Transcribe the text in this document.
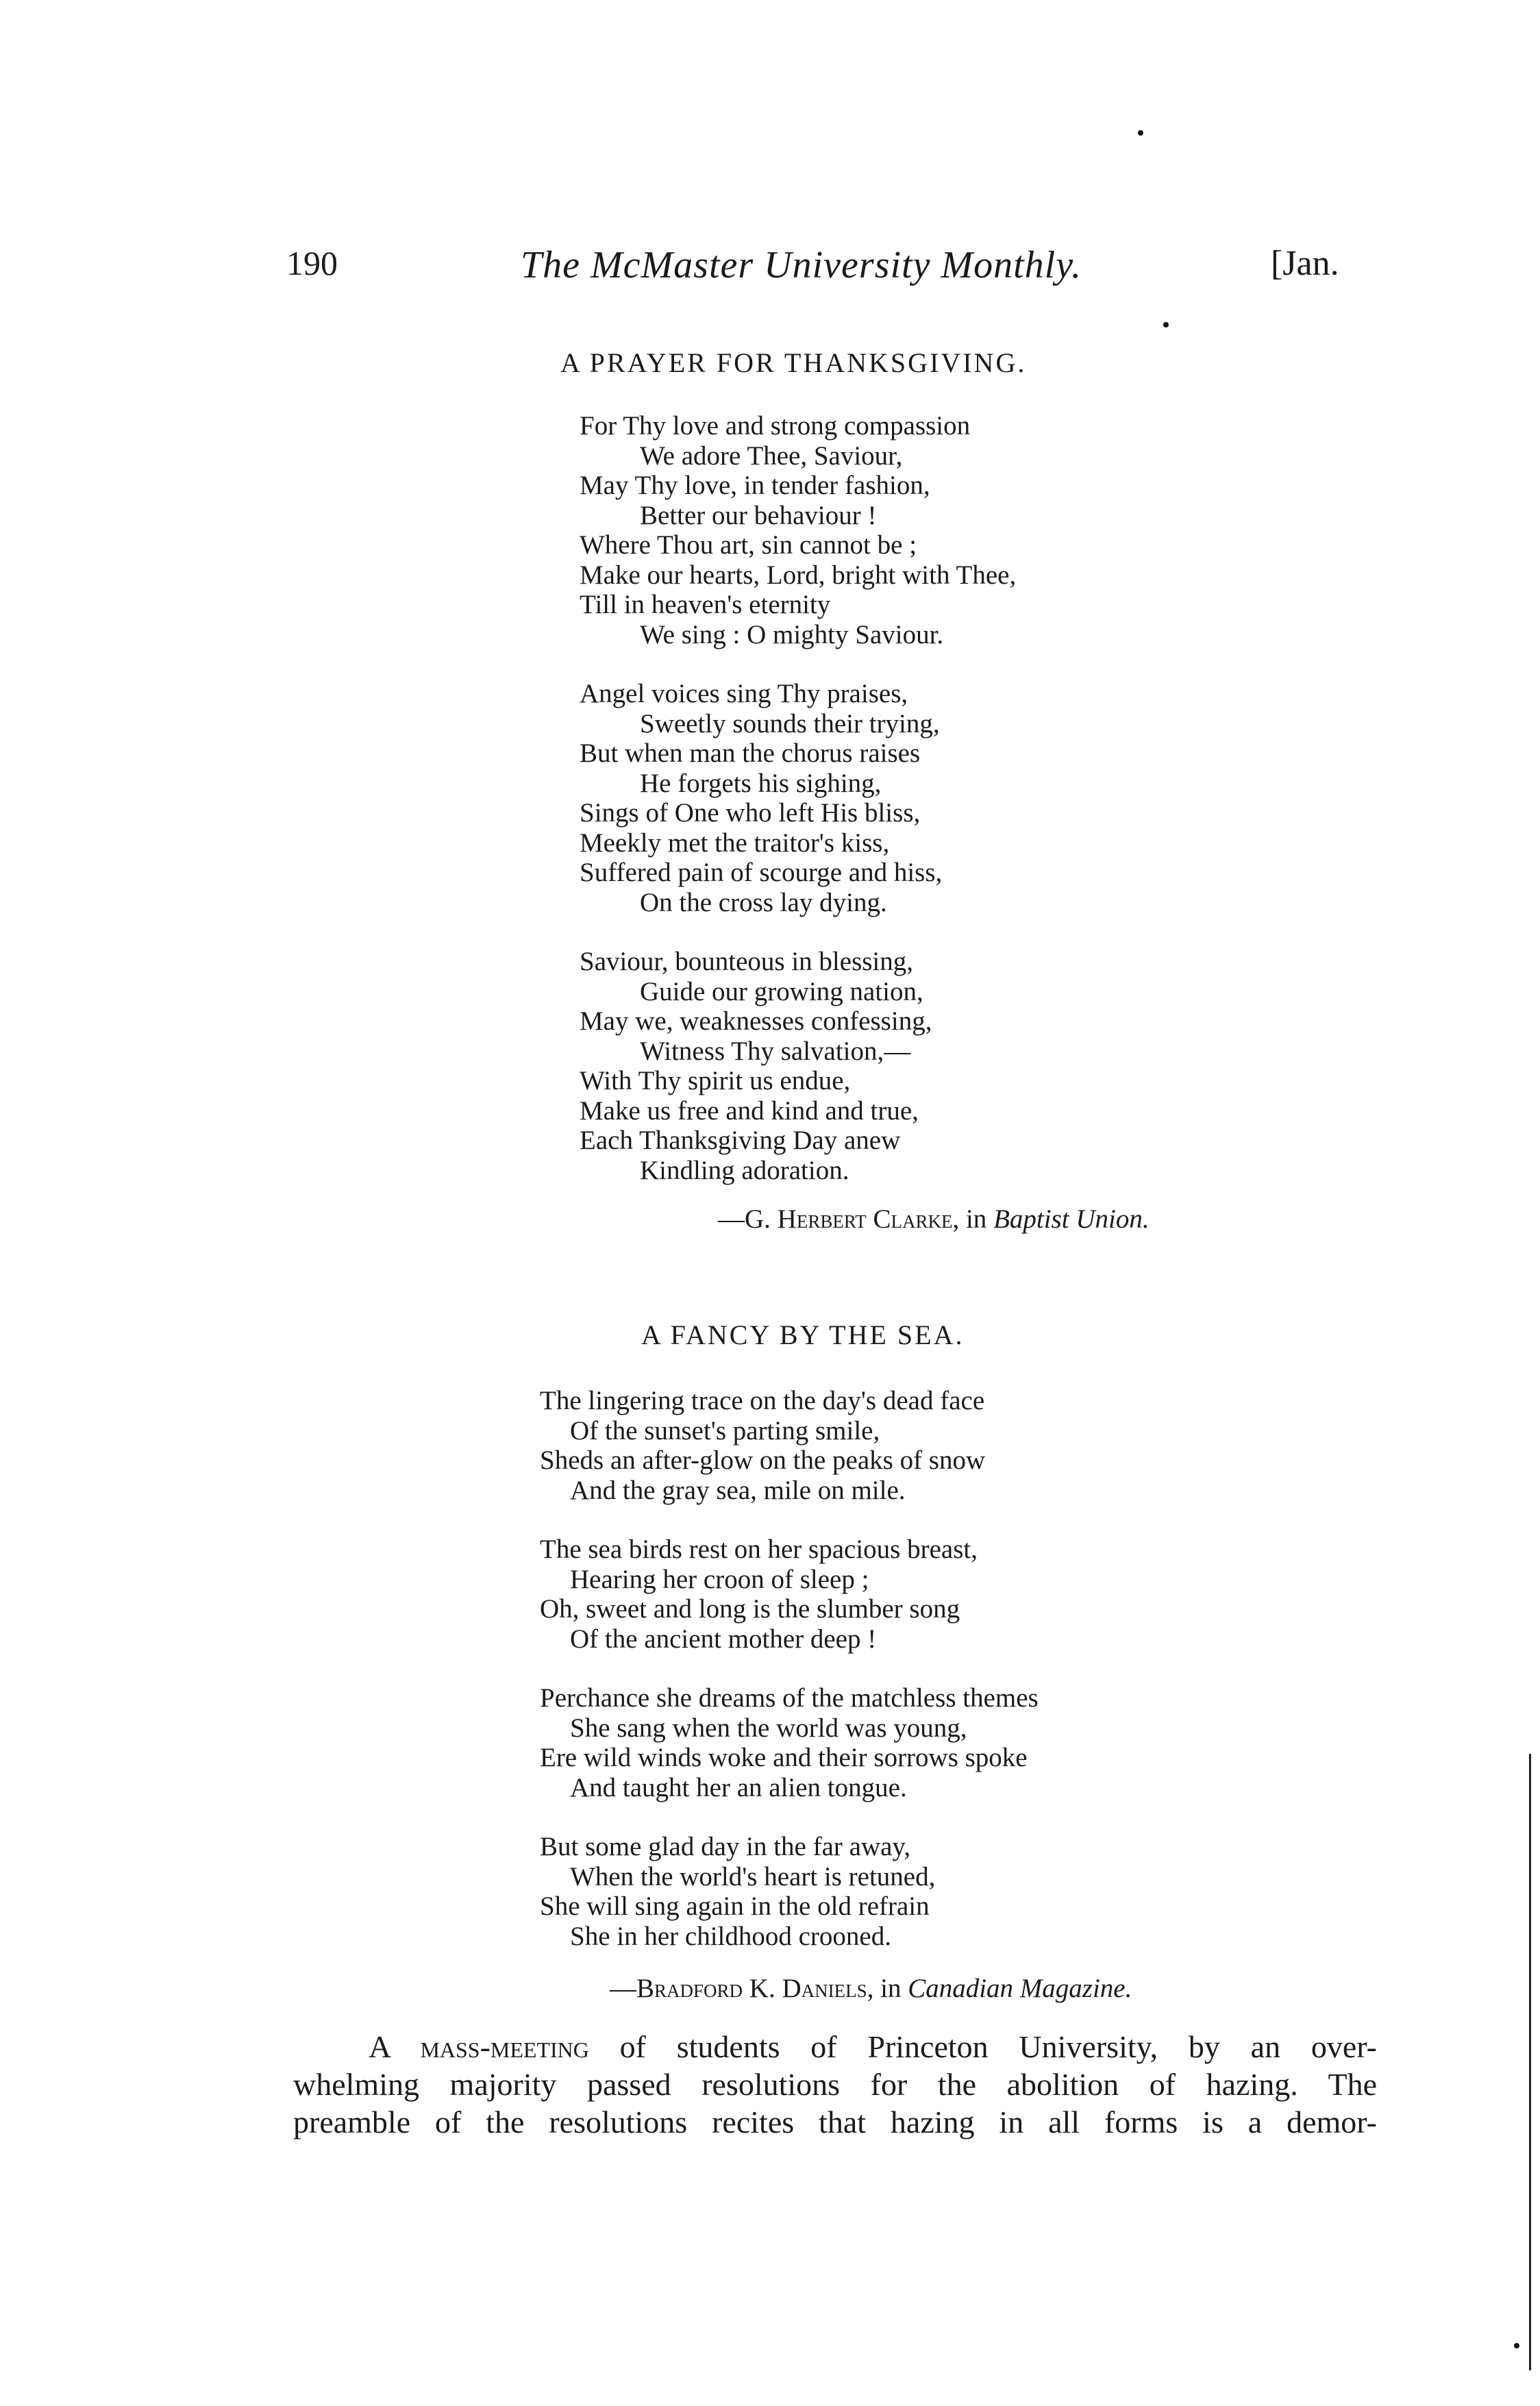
190	The McMaster University Monthly.	[Jan.
A PRAYER FOR THANKSGIVING.
For Thy love and strong compassion
We adore Thee, Saviour,
May Thy love, in tender fashion,
Better our behaviour !
Where Thou art, sin cannot be ;
Make our hearts, Lord, bright with Thee,
Till in heaven's eternity
We sing : O mighty Saviour.
Angel voices sing Thy praises,
Sweetly sounds their trying,
But when man the chorus raises
He forgets his sighing,
Sings of One who left His bliss,
Meekly met the traitor's kiss,
Suffered pain of scourge and hiss,
On the cross lay dying.
Saviour, bounteous in blessing,
Guide our growing nation,
May we, weaknesses confessing,
Witness Thy salvation,—
With Thy spirit us endue,
Make us free and kind and true,
Each Thanksgiving Day anew
Kindling adoration.
—G. Herbert Clarke, in Baptist Union.
A FANCY BY THE SEA.
The lingering trace on the day's dead face
Of the sunset's parting smile,
Sheds an after-glow on the peaks of snow
And the gray sea, mile on mile.
The sea birds rest on her spacious breast,
Hearing her croon of sleep ;
Oh, sweet and long is the slumber song
Of the ancient mother deep !
Perchance she dreams of the matchless themes
She sang when the world was young,
Ere wild winds woke and their sorrows spoke
And taught her an alien tongue.
But some glad day in the far away,
When the world's heart is retuned,
She will sing again in the old refrain
She in her childhood crooned.
—Bradford K. Daniels, in Canadian Magazine.
A mass-meeting of students of Princeton University, by an over-
whelming majority passed resolutions for the abolition of hazing. The
preamble of the resolutions recites that hazing in all forms is a demor-
